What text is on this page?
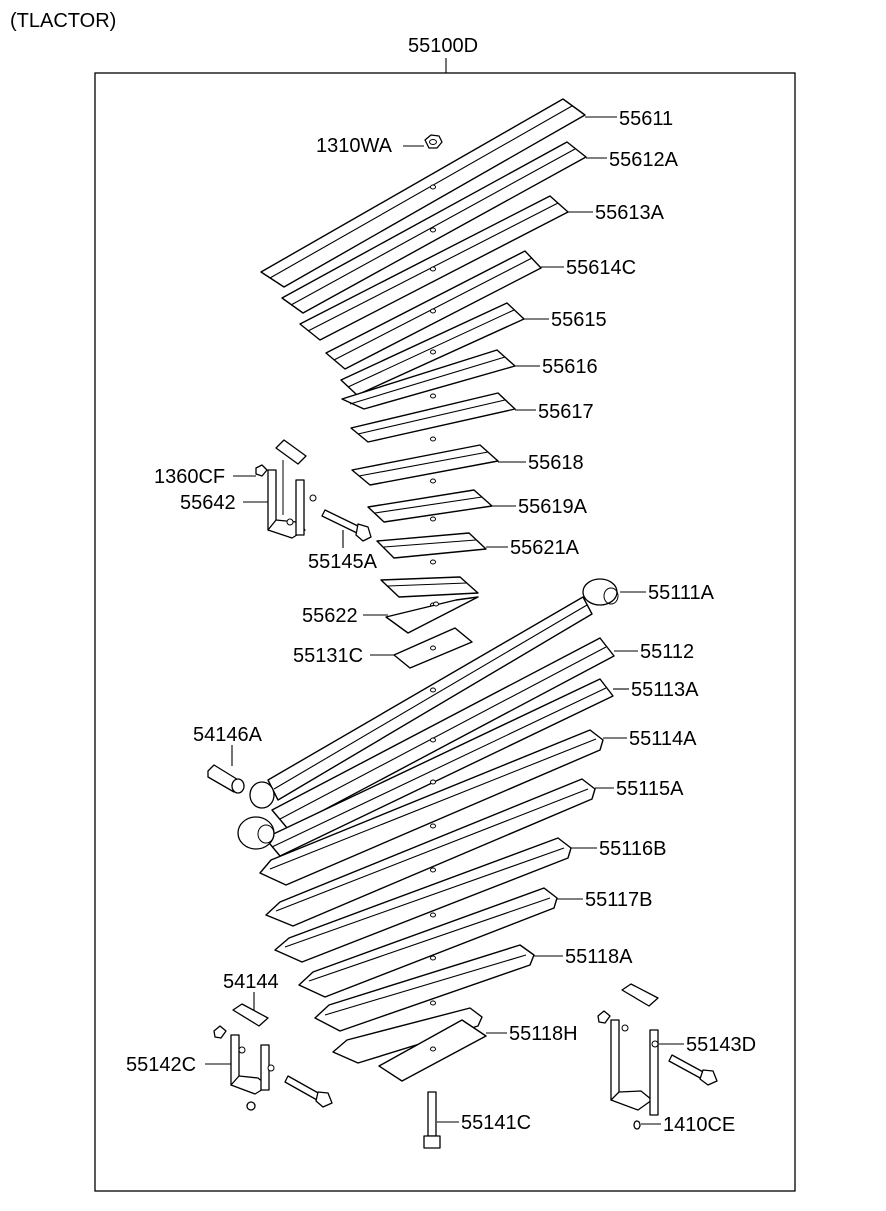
(TLACTOR)
55100D
55611
1310WA
55612A
55613A
55614C
55615
55616
55617
55618
1360CF
55642	55619A
55145A
55621A
55111A
55622
55131C	55112
55113A
54146A	55114A
55115A
55116B
55117B
55118A
54144
55118H	55143D
55142C
55141C	1410CE
